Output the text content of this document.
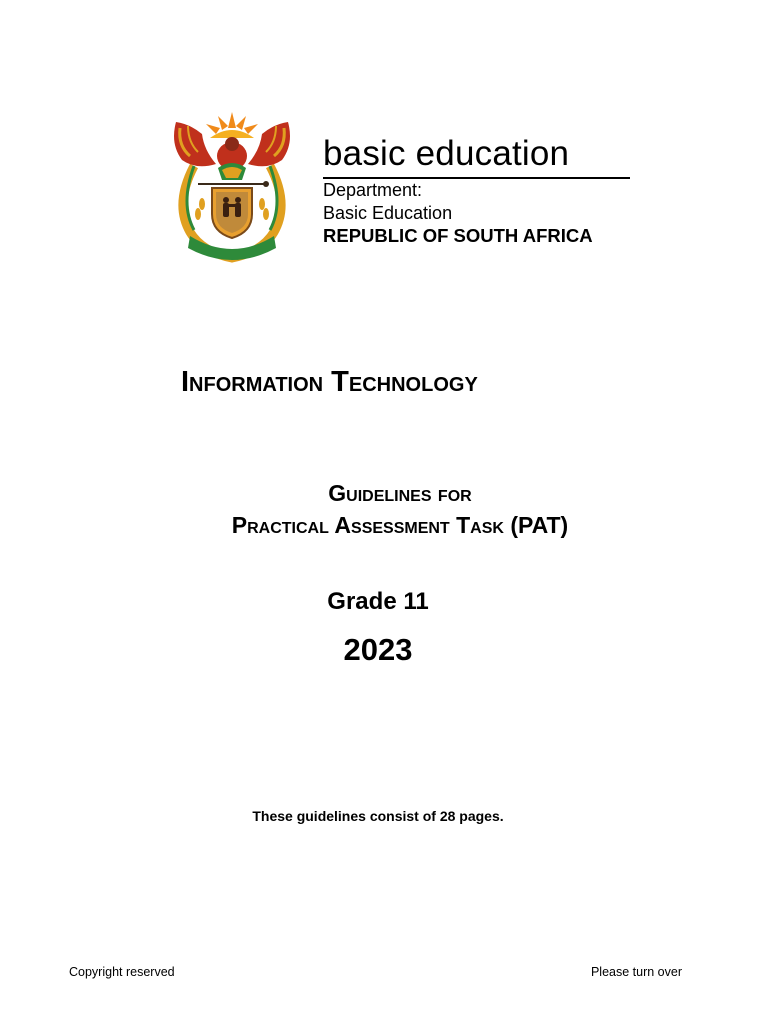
basic education
Department:
Basic Education
REPUBLIC OF SOUTH AFRICA
Information Technology
Guidelines for
Practical Assessment Task (PAT)
Grade 11
2023
These guidelines consist of 28 pages.
Copyright reserved	Please turn over
